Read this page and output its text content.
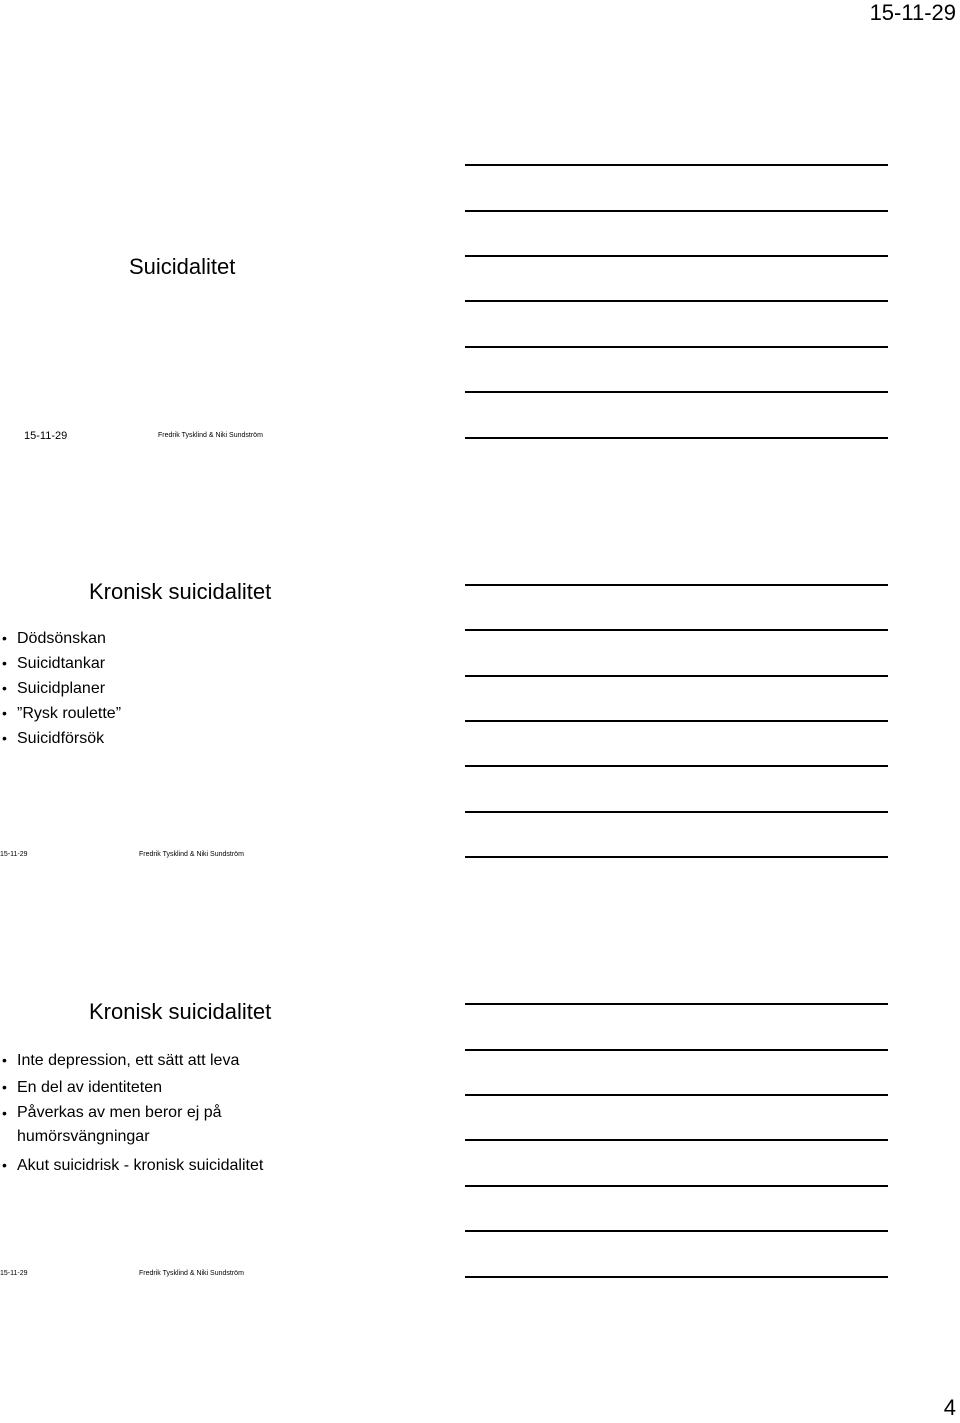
15-11-29
Suicidalitet
15-11-29	Fredrik Tysklind & Niki Sundström
Kronisk suicidalitet
• Dödsönskan
• Suicidtankar
• Suicidplaner
• ”Rysk roulette”
• Suicidförsök
15-11-29	Fredrik Tysklind & Niki Sundström
Kronisk suicidalitet
• Inte depression, ett sätt att leva
• En del av identiteten
• Påverkas av men beror ej på humörsvängningar
• Akut suicidrisk - kronisk suicidalitet
15-11-29	Fredrik Tysklind & Niki Sundström
4
